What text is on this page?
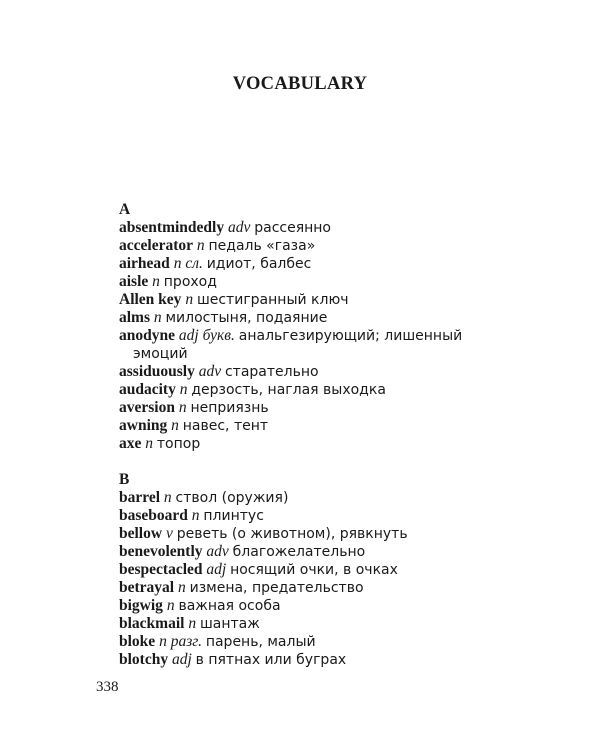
VOCABULARY
A
absentmindedly adv рассеянно
accelerator n педаль «газа»
airhead n сл. идиот, балбес
aisle n проход
Allen key n шестигранный ключ
alms n милостыня, подаяние
anodyne adj букв. анальгезирующий; лишенный
эмоций
assiduously adv старательно
audacity n дерзость, наглая выходка
aversion n неприязнь
awning n навес, тент
axe n топор
B
barrel n ствол (оружия)
baseboard n плинтус
bellow v реветь (о животном), рявкнуть
benevolently adv благожелательно
bespectacled adj носящий очки, в очках
betrayal n измена, предательство
bigwig n важная особа
blackmail n шантаж
bloke n разг. парень, малый
blotchy adj в пятнах или буграх
338
